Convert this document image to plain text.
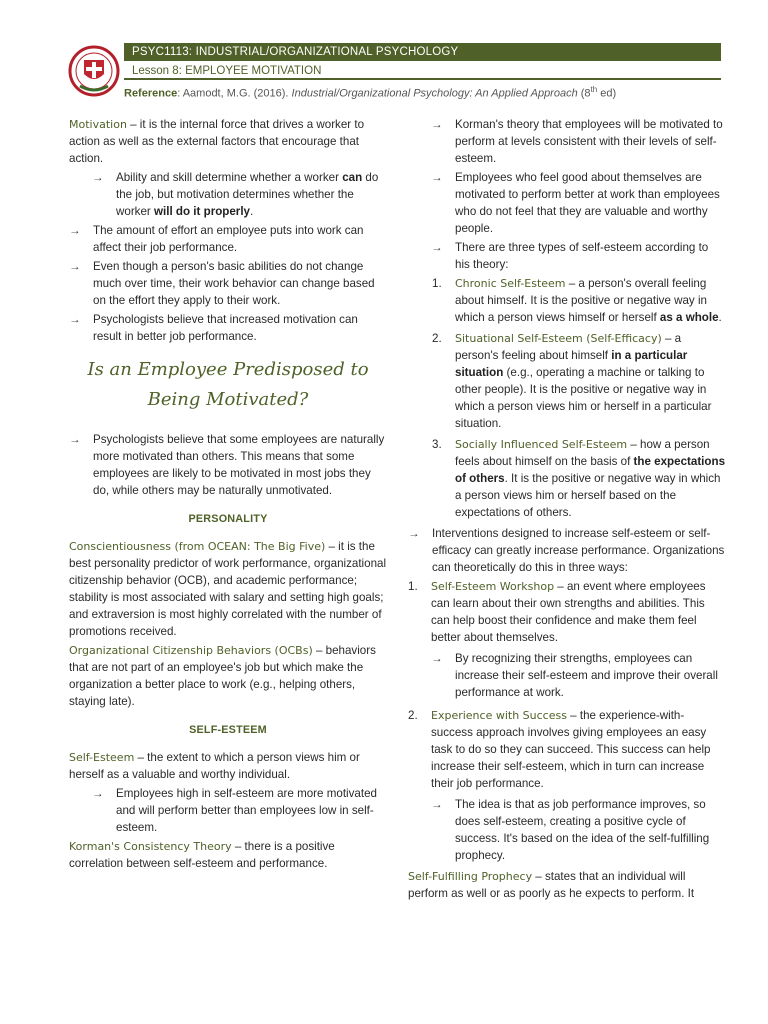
PSYC1113: INDUSTRIAL/ORGANIZATIONAL PSYCHOLOGY
Lesson 8: EMPLOYEE MOTIVATION
Reference: Aamodt, M.G. (2016). Industrial/Organizational Psychology: An Applied Approach (8th ed)

Motivation – it is the internal force that drives a worker to action as well as the external factors that encourage that action.

→	Ability and skill determine whether a worker can do the job, but motivation determines whether the worker will do it properly.
→	The amount of effort an employee puts into work can affect their job performance.
→	Even though a person's basic abilities do not change much over time, their work behavior can change based on the effort they apply to their work.
→	Psychologists believe that increased motivation can result in better job performance.
Is an Employee Predisposed to
Being Motivated?
→	Psychologists believe that some employees are naturally more motivated than others. This means that some employees are likely to be motivated in most jobs they do, while others may be naturally unmotivated.
PERSONALITY

Conscientiousness (from OCEAN: The Big Five) – it is the best personality predictor of work performance, organizational citizenship behavior (OCB), and academic performance; stability is most associated with salary and setting high goals; and extraversion is most highly correlated with the number of promotions received.

Organizational Citizenship Behaviors (OCBs) – behaviors that are not part of an employee's job but which make the organization a better place to work (e.g., helping others, staying late).

SELF-ESTEEM

Self-Esteem – the extent to which a person views him or herself as a valuable and worthy individual.

→	Employees high in self-esteem are more motivated and will perform better than employees low in self-esteem.

Korman's Consistency Theory – there is a positive correlation between self-esteem and performance.

→	Korman's theory that employees will be motivated to perform at levels consistent with their levels of self-esteem.
→	Employees who feel good about themselves are motivated to perform better at work than employees who do not feel that they are valuable and worthy people.
→	There are three types of self-esteem according to his theory:
1. Chronic Self-Esteem – a person's overall feeling about himself. It is the positive or negative way in which a person views himself or herself as a whole.
2. Situational Self-Esteem (Self-Efficacy) – a person's feeling about himself in a particular situation (e.g., operating a machine or talking to other people). It is the positive or negative way in which a person views him or herself in a particular situation.
3. Socially Influenced Self-Esteem – how a person feels about himself on the basis of the expectations of others. It is the positive or negative way in which a person views him or herself based on the expectations of others.
→	Interventions designed to increase self-esteem or self-efficacy can greatly increase performance. Organizations can theoretically do this in three ways:
1. Self-Esteem Workshop – an event where employees can learn about their own strengths and abilities. This can help boost their confidence and make them feel better about themselves.
→	By recognizing their strengths, employees can increase their self-esteem and improve their overall performance at work.
2. Experience with Success – the experience-with-success approach involves giving employees an easy task to do so they can succeed. This success can help increase their self-esteem, which in turn can increase their job performance.
→	The idea is that as job performance improves, so does self-esteem, creating a positive cycle of success. It's based on the idea of the self-fulfilling prophecy.

Self-Fulfilling Prophecy – states that an individual will perform as well or as poorly as he expects to perform. It
